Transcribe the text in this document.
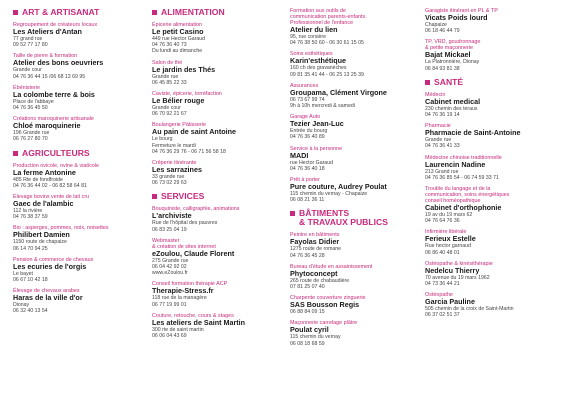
ART & ARTISANAT
Regroupement de créateurs locaux
Les Ateliers d'Antan
77 grand rue
09 52 77 17 80
Taille de pierre & formation
Atelier des bons oeuvriers
Grande cour
04 76 36 44 15 /06 68 13 69 95
Ébénisterie
La colombe terre & bois
Place de l'abbaye
04 76 36 45 50
Créations maroquinerie artisanale
Chloé maroquinerie
196 Grande rue
06 76 27 80 70
AGRICULTEURS
Production ovicole, ovine & viaticole
La ferme Antonine
485 Rte de fondfroide
04 76 36 44 02 - 06 82 58 64 81
Élevage bovins vente de lait cru
Gaec de l'alambic
112 la rivière
04 76 38 37 59
Bio : asperges, pommes, noix, noisettes
Philibert Damien
1150 route de chapaize
06 14 70 94 25
Pension & commerce de chevaux
Les ecuries de l'orgis
Le bayet
06 67 10 42 18
Élevage de chevaux arabes
Haras de la ville d'or
Dionay
06 32 40 13 54
ALIMENTATION
Épicerie alimentation
Le petit Casino
449 rue Hector Garaud
04 76 36 40 73
Du lundi au dimanche
Salon de thé
Le jardin des Thés
Grande rue
06 45 85 22 33
Caviste, épicerie, torréfaction
Le Bélier rouge
Grande cour
06 70 92 21 67
Boulangerie Pâtisserie
Au pain de saint Antoine
Le bourg
Fermeture le mardi
04 76 36 29 76 - 06 71 56 58 18
Crêperie itinérante
Les sarrazines
33 grande rue
06 73 02 29 63
SERVICES
Bouquiniste, calligraphie, animations
L'archiviste
Rue de l'hôpital des pauvres
06 83 25 04 19
Webmaster
& création de sites internet
eZoulou, Claude Florent
275 Grande rue
06 04 42 92 02
www.eZoulou.fr
Conseil formation thérapie ACP
Therapie-Stress.fr
118 rue de la managère
06 77 19 99 01
Couture, retouche, cours & stages
Les ateliers de Saint Martin
300 rte de saint martin
06 06 04 43 69
Formation aux outils de
communication parents-enfants.
Professionnel de l'enfance
Atelier du lien
95, rue corsière
04 76 38 50 60 - 06 30 61 15 05
Soins esthétiques
Karin'esthétique
160 ch des gravanèches
09 81 35 41 44 - 06 25 13 25 39
Assurances
Groupama, Clément Virgone
06 73 67 99 74
9h à 10h mercredi & samedi
Garage Auto
Tezier Jean-Luc
Entrée du bourg
04 76 36 40 89
Service à la personne
MADI
rue Hector Garaud
04 76 36 40 18
Prêt à porter
Pure couture, Audrey Poulat
115 chemin du vernay - Chapaize
06 08 21 36 11
BÂTIMENTS
& TRAVAUX PUBLICS
Peintre en bâtiments
Fayolas Didier
1275 route de romane
04 76 36 45 28
Bureau d'étude en assainissement
Phytoconcept
265 route de chabaudière
07 81 25 07 40
Charpente couverture zinguerie
SAS Bousson Regis
06 88 84 09 15
Maçonnerie carrelage plâtre
Poulat cyril
115 chemin du vernay
06 08 18 68 59
Garagiste itinérant en PL & TP
Vicats Poids lourd
Chapaize
06 18 46 44 79
TP, VRD, goudronnage
& petite maçonnerie
Bajat Mickael
La Platronnière, Dionay
06 84 93 81 38
SANTÉ
Médecin
Cabinet medical
230 chemin des teraux
04 76 36 19 14
Pharmacie
Pharmacie de Saint-Antoine
Grande rue
04 76 36 41 33
Médecine chinoise traditionnelle
Laurencin Nadine
213 Grand rue
04 76 36 85 54 - 06 74 59 33 71
Trouble du langage et de la
communication, soins énergétiques
conseil homéopathique
Cabinet d'orthophonie
19 av du 19 mars 62
04 76 64 76 36
Infirmière libérale
Ferieux Estelle
Rue hector garnaud
06 86 40 48 01
Ostéopathe & kinésithérapie
Nedelcu Thierry
70 avenue du 19 mars 1962
04 73 36 44 21
Ostéopathe
Garcia Pauline
505 chemin de la croix de Saint-Martin
06 37 02 51 37
